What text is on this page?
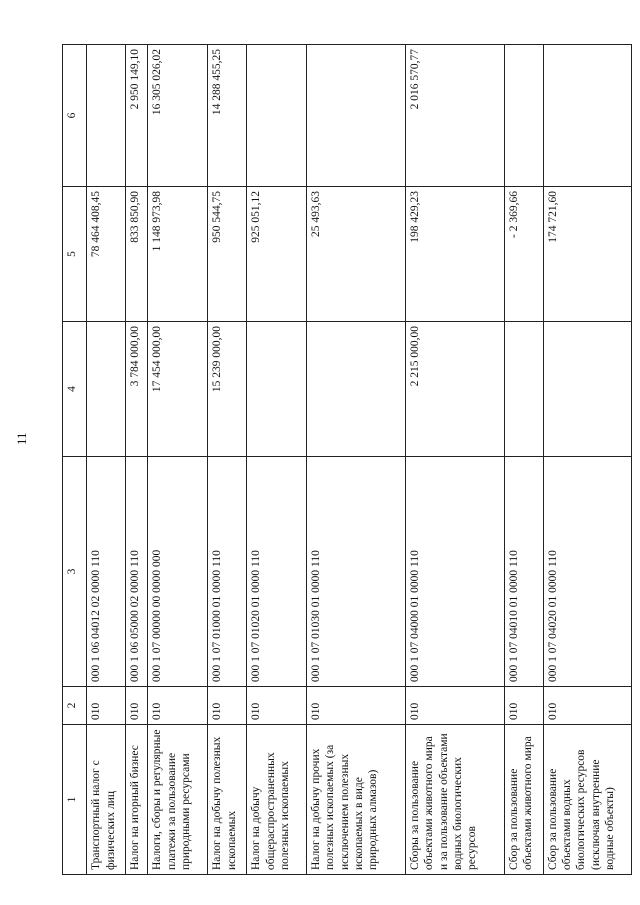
11
1	2	3	4	5	6
Транспортный налог с физических лиц	010	000 1 06 04012 02 0000 110		78 464 408,45	
Налог на игорный бизнес	010	000 1 06 05000 02 0000 110	3 784 000,00	833 850,90	2 950 149,10
Налоги, сборы и регулярные платежи за пользование природными ресурсами	010	000 1 07 00000 00 0000 000	17 454 000,00	1 148 973,98	16 305 026,02
Налог на добычу полезных ископаемых	010	000 1 07 01000 01 0000 110	15 239 000,00	950 544,75	14 288 455,25
Налог на добычу общераспространенных полезных ископаемых	010	000 1 07 01020 01 0000 110		925 051,12	
Налог на добычу прочих полезных ископаемых (за исключением полезных ископаемых в виде природных алмазов)	010	000 1 07 01030 01 0000 110		25 493,63	
Сборы за пользование объектами животного мира и за пользование объектами водных биологических ресурсов	010	000 1 07 04000 01 0000 110	2 215 000,00	198 429,23	2 016 570,77
Сбор за пользование объектами животного мира	010	000 1 07 04010 01 0000 110		- 2 369,66	
Сбор за пользование объектами водных биологических ресурсов (исключая внутренние водные объекты)	010	000 1 07 04020 01 0000 110		174 721,60	
